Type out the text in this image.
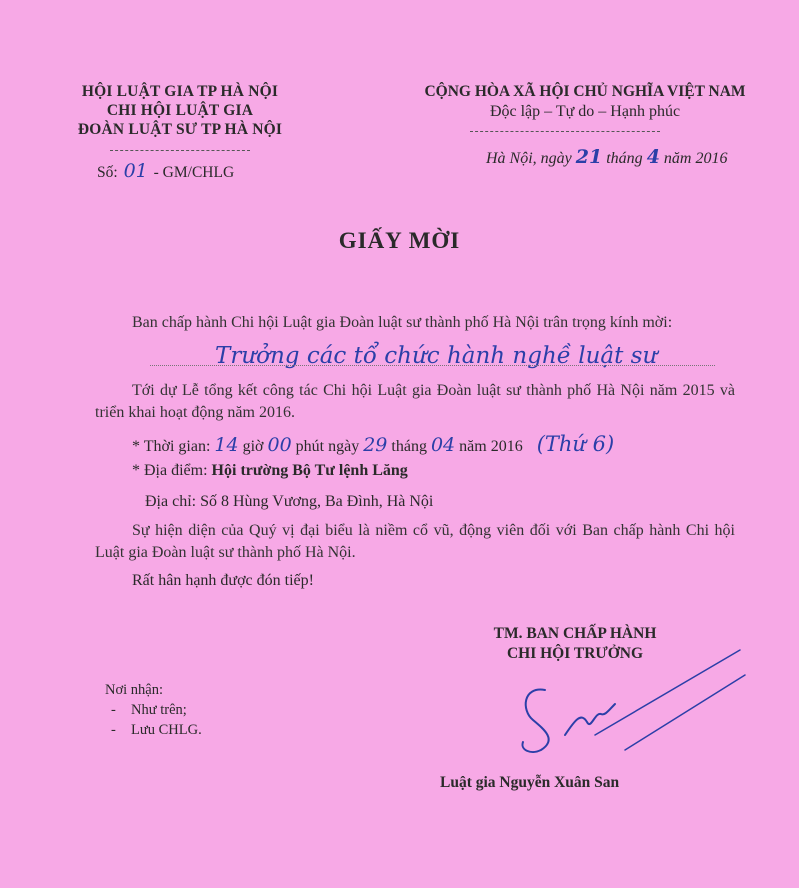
HỘI LUẬT GIA TP HÀ NỘI
CHI HỘI LUẬT GIA
ĐOÀN LUẬT SƯ TP HÀ NỘI
Số: 01 - GM/CHLG
CỘNG HÒA XÃ HỘI CHỦ NGHĨA VIỆT NAM
Độc lập – Tự do – Hạnh phúc
Hà Nội, ngày 21 tháng 4 năm 2016
GIẤY MỜI
Ban chấp hành Chi hội Luật gia Đoàn luật sư thành phố Hà Nội trân trọng kính mời:
Trưởng các tổ chức hành nghề luật sư
Tới dự Lễ tổng kết công tác Chi hội Luật gia Đoàn luật sư thành phố Hà Nội năm 2015 và triển khai hoạt động năm 2016.
* Thời gian: 14 giờ 00 phút ngày 29 tháng 04 năm 2016 (Thứ 6)
* Địa điểm: Hội trường Bộ Tư lệnh Lăng
Địa chỉ: Số 8 Hùng Vương, Ba Đình, Hà Nội
Sự hiện diện của Quý vị đại biểu là niềm cổ vũ, động viên đối với Ban chấp hành Chi hội Luật gia Đoàn luật sư thành phố Hà Nội.
Rất hân hạnh được đón tiếp!
TM. BAN CHẤP HÀNH
CHI HỘI TRƯỞNG
Luật gia Nguyễn Xuân San
Nơi nhận:
- Như trên;
- Lưu CHLG.
